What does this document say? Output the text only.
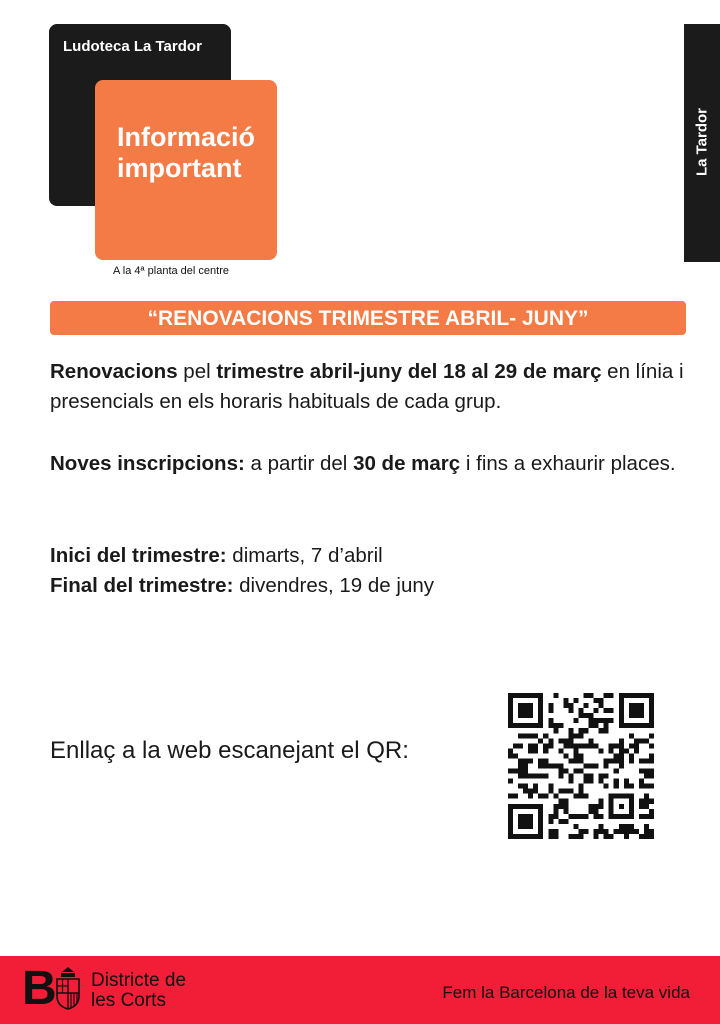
Ludoteca La Tardor
Informació
important
A la 4ª planta del centre
La Tardor
“RENOVACIONS TRIMESTRE ABRIL- JUNY”
Renovacions pel trimestre abril-juny del 18 al 29 de març en línia i presencials en els horaris habituals de cada grup.
Noves inscripcions: a partir del 30 de març i fins a exhaurir places.
Inici del trimestre: dimarts, 7 d’abril
Final del trimestre: divendres, 19 de juny
Enllaç a la web escanejant el QR:
B Districte de
les Corts	Fem la Barcelona de la teva vida
